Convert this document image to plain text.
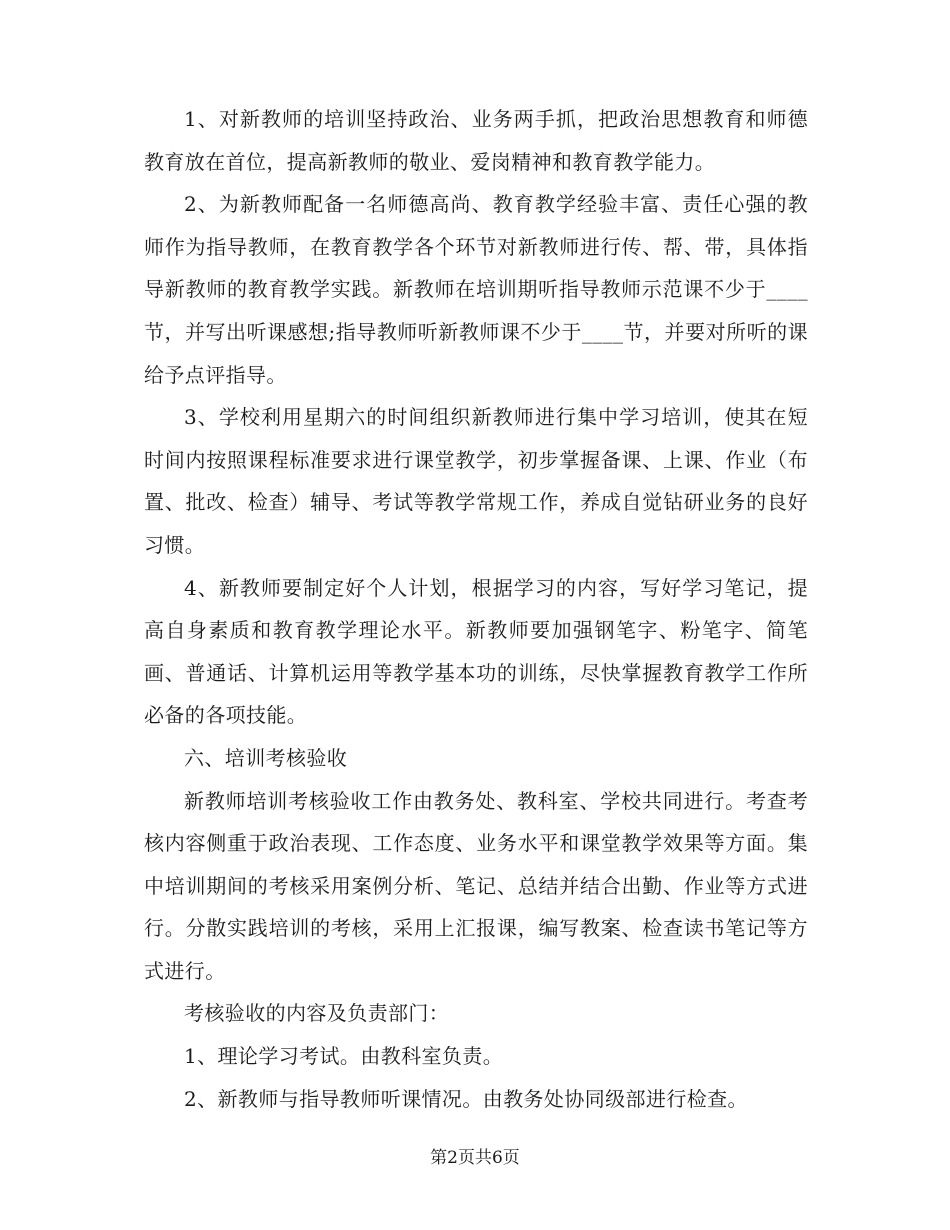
1、对新教师的培训坚持政治、业务两手抓，把政治思想教育和师德教育放在首位，提高新教师的敬业、爱岗精神和教育教学能力。

2、为新教师配备一名师德高尚、教育教学经验丰富、责任心强的教师作为指导教师，在教育教学各个环节对新教师进行传、帮、带，具体指导新教师的教育教学实践。新教师在培训期听指导教师示范课不少于____节，并写出听课感想;指导教师听新教师课不少于____节，并要对所听的课给予点评指导。

3、学校利用星期六的时间组织新教师进行集中学习培训，使其在短时间内按照课程标准要求进行课堂教学，初步掌握备课、上课、作业（布置、批改、检查）辅导、考试等教学常规工作，养成自觉钻研业务的良好习惯。

4、新教师要制定好个人计划，根据学习的内容，写好学习笔记，提高自身素质和教育教学理论水平。新教师要加强钢笔字、粉笔字、简笔画、普通话、计算机运用等教学基本功的训练，尽快掌握教育教学工作所必备的各项技能。

六、培训考核验收

新教师培训考核验收工作由教务处、教科室、学校共同进行。考查考核内容侧重于政治表现、工作态度、业务水平和课堂教学效果等方面。集中培训期间的考核采用案例分析、笔记、总结并结合出勤、作业等方式进行。分散实践培训的考核，采用上汇报课，编写教案、检查读书笔记等方式进行。

考核验收的内容及负责部门：

1、理论学习考试。由教科室负责。

2、新教师与指导教师听课情况。由教务处协同级部进行检查。

第2页共6页
